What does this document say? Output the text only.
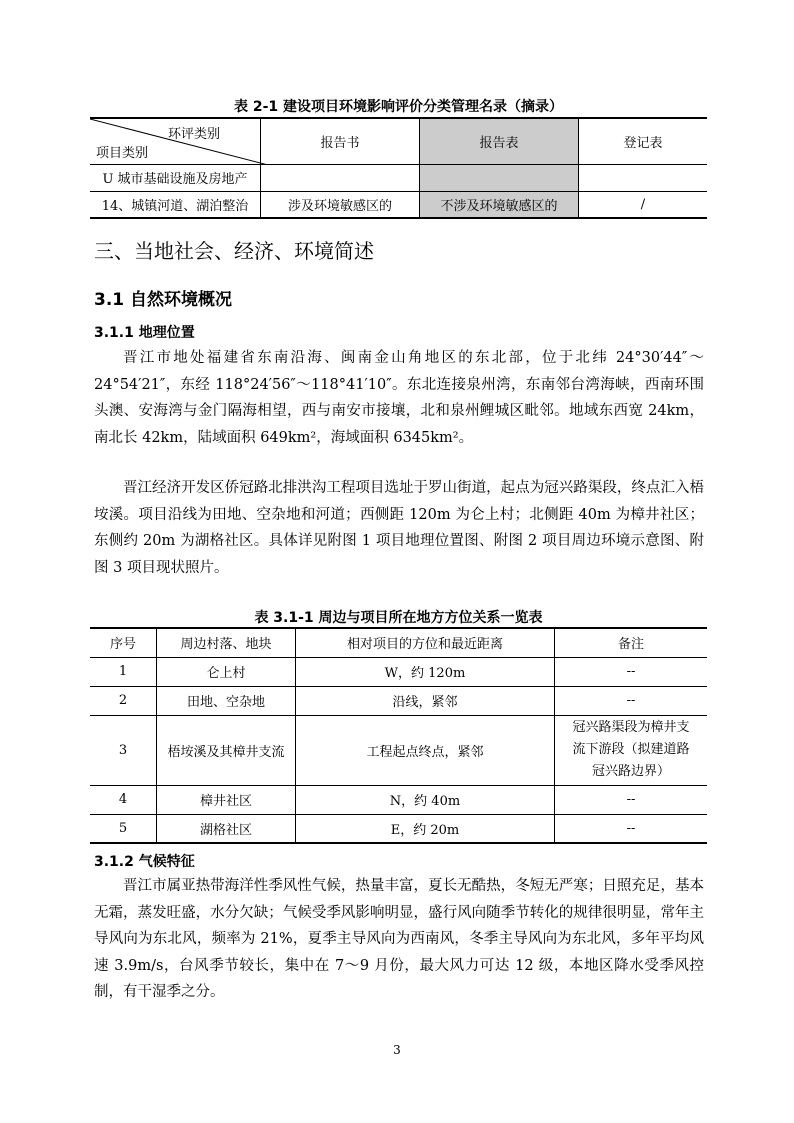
表 2-1 建设项目环境影响评价分类管理名录（摘录）
环评类别
项目类别	报告书	报告表	登记表
U 城市基础设施及房地产			
14、城镇河道、湖泊整治	涉及环境敏感区的	不涉及环境敏感区的	/
三、当地社会、经济、环境简述
3.1 自然环境概况
3.1.1 地理位置
晋江市地处福建省东南沿海、闽南金山角地区的东北部，位于北纬 24°30′44″～24°54′21″，东经 118°24′56″～118°41′10″。东北连接泉州湾，东南邻台湾海峡，西南环围头澳、安海湾与金门隔海相望，西与南安市接壤，北和泉州鲤城区毗邻。地域东西宽 24km，南北长 42km，陆域面积 649km²，海域面积 6345km²。
晋江经济开发区侨冠路北排洪沟工程项目选址于罗山街道，起点为冠兴路渠段，终点汇入梧垵溪。项目沿线为田地、空杂地和河道；西侧距 120m 为仑上村；北侧距 40m 为樟井社区；东侧约 20m 为湖格社区。具体详见附图 1 项目地理位置图、附图 2 项目周边环境示意图、附图 3 项目现状照片。
表 3.1-1 周边与项目所在地方方位关系一览表
序号	周边村落、地块	相对项目的方位和最近距离	备注
1	仑上村	W，约 120m	--
2	田地、空杂地	沿线，紧邻	--
3	梧垵溪及其樟井支流	工程起点终点，紧邻	冠兴路渠段为樟井支流下游段（拟建道路冠兴路边界）
4	樟井社区	N，约 40m	--
5	湖格社区	E，约 20m	--
3.1.2 气候特征
晋江市属亚热带海洋性季风性气候，热量丰富，夏长无酷热，冬短无严寒；日照充足，基本无霜，蒸发旺盛，水分欠缺；气候受季风影响明显，盛行风向随季节转化的规律很明显，常年主导风向为东北风，频率为 21%，夏季主导风向为西南风，冬季主导风向为东北风，多年平均风速 3.9m/s，台风季节较长，集中在 7～9 月份，最大风力可达 12 级，本地区降水受季风控制，有干湿季之分。
3
